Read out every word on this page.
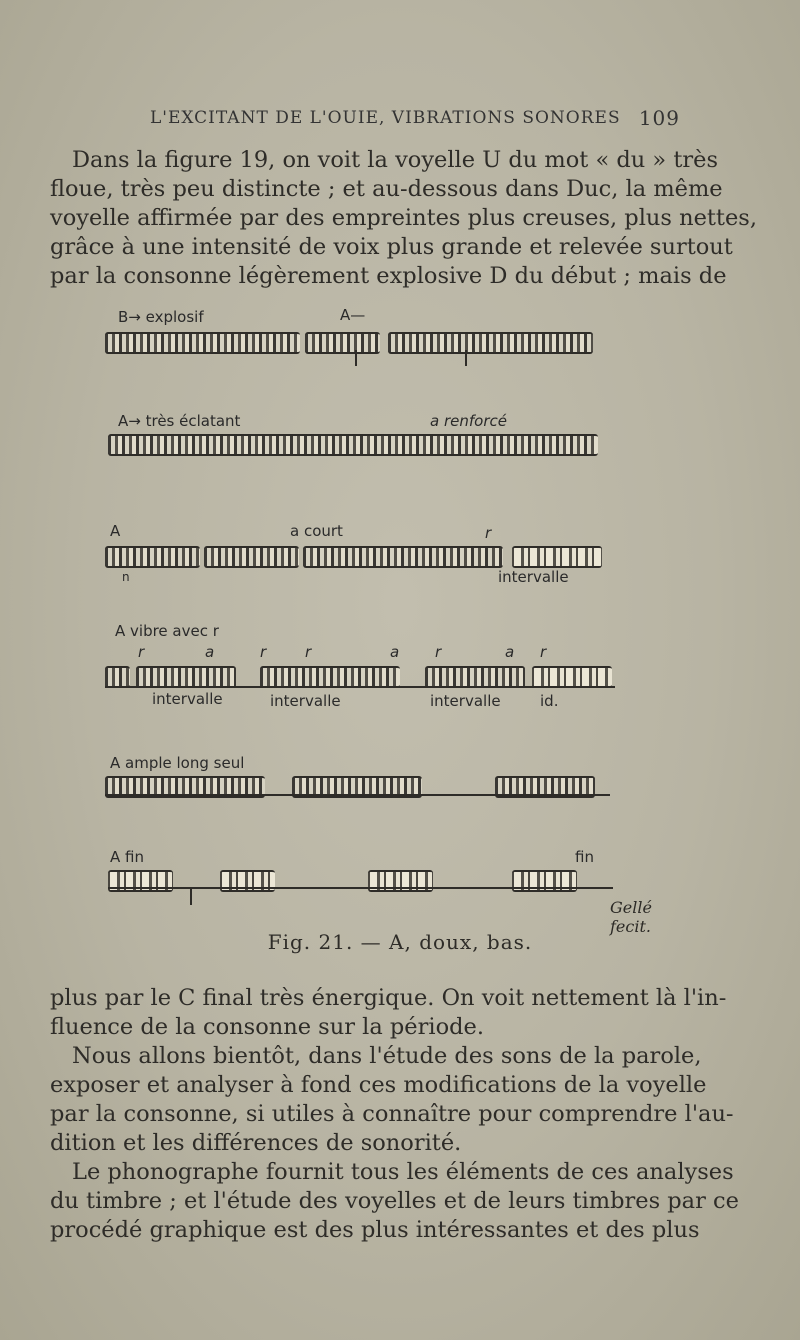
L'EXCITANT DE L'OUIE, VIBRATIONS SONORES 109
Dans la figure 19, on voit la voyelle U du mot « du » très
floue, très peu distincte ; et au-dessous dans Duc, la même
voyelle affirmée par des empreintes plus creuses, plus nettes,
grâce à une intensité de voix plus grande et relevée surtout
par la consonne légèrement explosive D du début ; mais de
B→ explosif	A—
A→ très éclatant	a renforcé
A	a court	r
n	intervalle
A vibre avec r
r	a	r	r	a r	a r
intervalle	intervalle	intervalle	id.
A ample long seul
A fin	fin
Gellé fecit.
Fig. 21. — A, doux, bas.
plus par le C final très énergique. On voit nettement là l'in-
fluence de la consonne sur la période.
Nous allons bientôt, dans l'étude des sons de la parole,
exposer et analyser à fond ces modifications de la voyelle
par la consonne, si utiles à connaître pour comprendre l'au-
dition et les différences de sonorité.
Le phonographe fournit tous les éléments de ces analyses
du timbre ; et l'étude des voyelles et de leurs timbres par ce
procédé graphique est des plus intéressantes et des plus
